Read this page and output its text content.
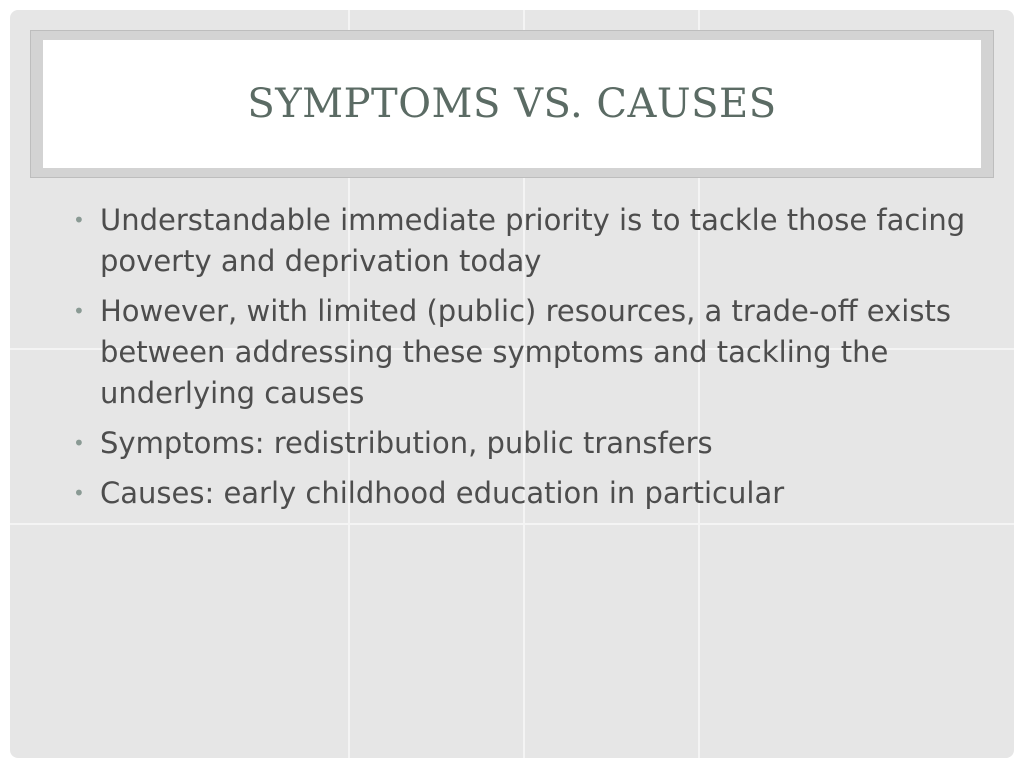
SYMPTOMS VS. CAUSES
• Understandable immediate priority is to tackle those facing poverty and deprivation today
• However, with limited (public) resources, a trade-off exists between addressing these symptoms and tackling the underlying causes
• Symptoms: redistribution, public transfers
• Causes: early childhood education in particular
